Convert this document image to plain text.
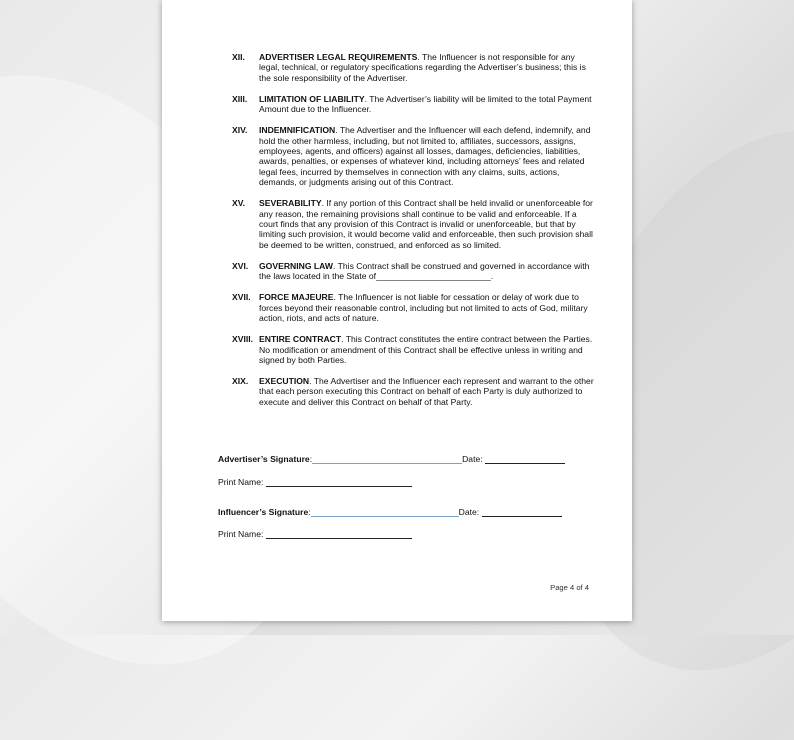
XII. ADVERTISER LEGAL REQUIREMENTS. The Influencer is not responsible for any legal, technical, or regulatory specifications regarding the Advertiser’s business; this is the sole responsibility of the Advertiser.
XIII. LIMITATION OF LIABILITY. The Advertiser’s liability will be limited to the total Payment Amount due to the Influencer.
XIV. INDEMNIFICATION. The Advertiser and the Influencer will each defend, indemnify, and hold the other harmless, including, but not limited to, affiliates, successors, assigns, employees, agents, and officers) against all losses, damages, deficiencies, liabilities, awards, penalties, or expenses of whatever kind, including attorneys’ fees and related legal fees, incurred by themselves in connection with any claims, suits, actions, demands, or judgments arising out of this Contract.
XV. SEVERABILITY. If any portion of this Contract shall be held invalid or unenforceable for any reason, the remaining provisions shall continue to be valid and enforceable. If a court finds that any provision of this Contract is invalid or unenforceable, but that by limiting such provision, it would become valid and enforceable, then such provision shall be deemed to be written, construed, and enforced as so limited.
XVI. GOVERNING LAW. This Contract shall be construed and governed in accordance with the laws located in the State of________________________.
XVII. FORCE MAJEURE. The Influencer is not liable for cessation or delay of work due to forces beyond their reasonable control, including but not limited to acts of God, military action, riots, and acts of nature.
XVIII. ENTIRE CONTRACT. This Contract constitutes the entire contract between the Parties. No modification or amendment of this Contract shall be effective unless in writing and signed by both Parties.
XIX. EXECUTION. The Advertiser and the Influencer each represent and warrant to the other that each person executing this Contract on behalf of each Party is duly authorized to execute and deliver this Contract on behalf of that Party.
Advertiser’s Signature:	Date:
Print Name:
Influencer’s Signature:	Date:
Print Name:
Page 4 of 4
